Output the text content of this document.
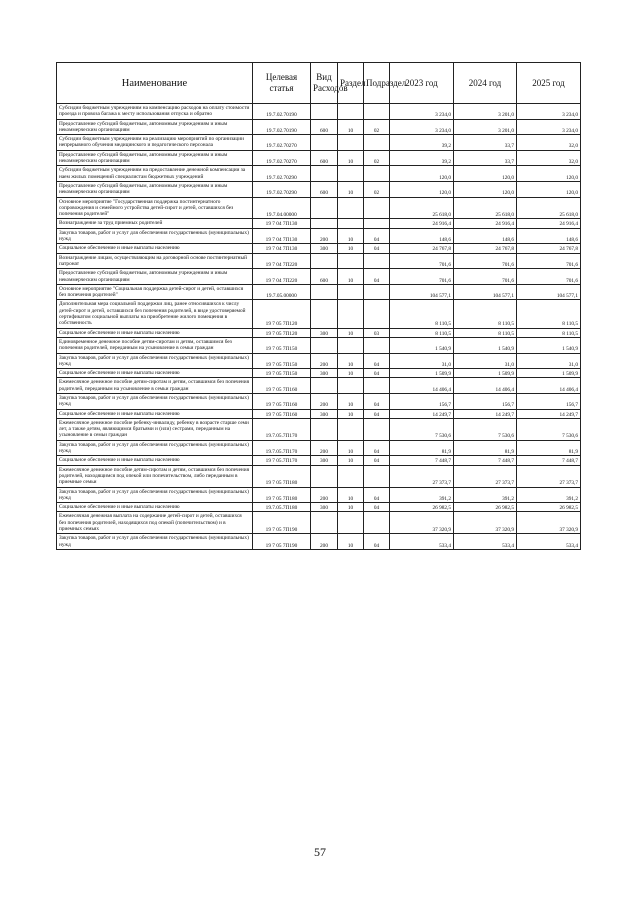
Наименование	Целевая статья	Вид Расходов	Раздел	Подраздел	2023 год	2024 год	2025 год
Субсидии бюджетным учреждениям на компенсацию расходов на оплату стоимости проезда и провоза багажа к месту использования отпуска и обратно	19.7.02.70190				3 234,0	3 201,0	3 234,0
Предоставление субсидий бюджетным, автономным учреждениям и иным некоммерческим организациям	19.7.02.70190	600	10	02	3 234,0	3 201,0	3 234,0
Субсидии бюджетным учреждениям на реализацию мероприятий по организации непрерывного обучения медицинского и педагогического персонала	19.7.02.70270				39,2	33,7	32,0
Предоставление субсидий бюджетным, автономным учреждениям и иным некоммерческим организациям	19.7.02.70270	600	10	02	39,2	33,7	32,0
Субсидии бюджетным учреждениям на предоставление денежной компенсации за наем жилых помещений специалистам бюджетных учреждений	19.7.02.70290				120,0	120,0	120,0
Предоставление субсидий бюджетным, автономным учреждениям и иным некоммерческим организациям	19.7.02.70290	600	10	02	120,0	120,0	120,0
Основное мероприятие "Государственная поддержка постинтернатного сопровождения и семейного устройства детей-сирот и детей, оставшихся без попечения родителей"	19.7.04.00000				25 618,0	25 618,0	25 618,0
Вознаграждение за труд приемных родителей	19 7 04 7П130				24 916,4	24 916,4	24 916,4
Закупка товаров, работ и услуг для обеспечения государственных (муниципальных) нужд	19 7 04 7П130	200	10	04	148,6	148,6	148,6
Социальное обеспечение и иные выплаты населению	19 7 04 7П130	300	10	04	24 767,8	24 767,8	24 767,8
Вознаграждение лицам, осуществляющим на договорной основе постинтернатный патронат	19 7 04 7П220				701,6	701,6	701,6
Предоставление субсидий бюджетным, автономным учреждениям и иным некоммерческим организациям	19 7 04 7П220	600	10	04	701,6	701,6	701,6
Основное мероприятие "Социальная поддержка детей-сирот и детей, оставшихся без попечения родителей"	19.7.05.00000				104 577,1	104 577,1	104 577,1
Дополнительная мера социальной поддержки лиц, ранее относившихся к числу детей-сирот и детей, оставшихся без попечения родителей, в виде удостоверяемой сертификатом социальной выплаты на приобретение жилого помещения в собственность	19 7 05 7П120				8 110,5	8 110,5	8 110,5
Социальное обеспечение и иные выплаты населению	19 7 05 7П120	300	10	03	8 110,5	8 110,5	8 110,5
Единовременное денежное пособие детям-сиротам и детям, оставшимся без попечения родителей, переданным на усыновление в семьи граждан	19 7 05 7П150				1 540,9	1 540,9	1 540,9
Закупка товаров, работ и услуг для обеспечения государственных (муниципальных) нужд	19 7 05 7П150	200	10	04	31,0	31,0	31,0
Социальное обеспечение и иные выплаты населению	19 7 05 7П150	300	10	04	1 509,9	1 509,9	1 509,9
Ежемесячное денежное пособие детям-сиротам и детям, оставшимся без попечения родителей, переданным на усыновление в семьи граждан	19 7 05 7П160				14 406,4	14 406,4	14 406,4
Закупка товаров, работ и услуг для обеспечения государственных (муниципальных) нужд	19 7 05 7П160	200	10	04	156,7	156,7	156,7
Социальное обеспечение и иные выплаты населению	19 7 05 7П160	300	10	04	14 249,7	14 249,7	14 249,7
Ежемесячное денежное пособие ребенку-инвалиду, ребенку в возрасте старше семи лет, а также детям, являющимся братьями и (или) сестрами, переданным на усыновление в семьи граждан	19.7.05.7П170				7 530,6	7 530,6	7 530,6
Закупка товаров, работ и услуг для обеспечения государственных (муниципальных) нужд	19.7.05.7П170	200	10	04	81,9	81,9	81,9
Социальное обеспечение и иные выплаты населению	19 7 05.7П170	300	10	04	7 448,7	7 448,7	7 448,7
Ежемесячное денежное пособие детям-сиротам и детям, оставшимся без попечения родителей, находящимся под опекой или попечительством, либо переданным в приемные семьи	19 7 05 7П180				27 373,7	27 373,7	27 373,7
Закупка товаров, работ и услуг для обеспечения государственных (муниципальных) нужд	19 7 05 7П180	200	10	04	391,2	391,2	391,2
Социальное обеспечение и иные выплаты населению	19.7.05.7П180	300	10	04	26 982,5	26 982,5	26 982,5
Ежемесячная денежная выплата на содержание детей-сирот и детей, оставшихся без попечения родителей, находящихся под опекой (попечительством) и в приемных семьях	19 7 05 7П190				37 320,9	37 320,9	37 320,9
Закупка товаров, работ и услуг для обеспечения государственных (муниципальных) нужд	19 7 05 7П190	200	10	04	533,4	533,4	533,4
57
